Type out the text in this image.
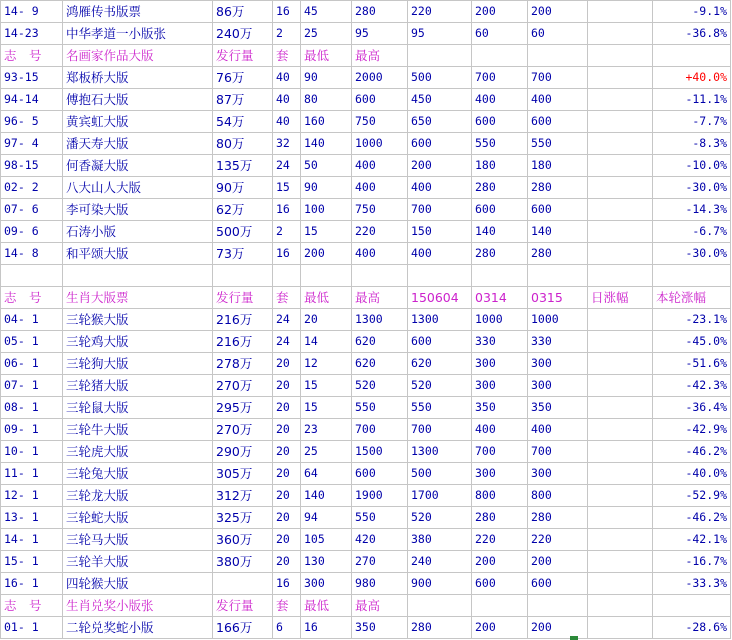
14- 9	鸿雁传书版票	86万	16	45	280	220	200	200		-9.1%
14-23	中华孝道一小版张	240万	2	25	95	95	60	60		-36.8%
志　号	名画家作品大版	发行量	套	最低	最高					
93-15	郑板桥大版	76万	40	90	2000	500	700	700		+40.0%
94-14	傅抱石大版	87万	40	80	600	450	400	400		-11.1%
96- 5	黄宾虹大版	54万	40	160	750	650	600	600		-7.7%
97- 4	潘天寿大版	80万	32	140	1000	600	550	550		-8.3%
98-15	何香凝大版	135万	24	50	400	200	180	180		-10.0%
02- 2	八大山人大版	90万	15	90	400	400	280	280		-30.0%
07- 6	李可染大版	62万	16	100	750	700	600	600		-14.3%
09- 6	石涛小版	500万	2	15	220	150	140	140		-6.7%
14- 8	和平颂大版	73万	16	200	400	400	280	280		-30.0%

志　号	生肖大版票	发行量	套	最低	最高	150604	0314	0315	日涨幅	本轮涨幅
04- 1	三轮猴大版	216万	24	20	1300	1300	1000	1000		-23.1%
05- 1	三轮鸡大版	216万	24	14	620	600	330	330		-45.0%
06- 1	三轮狗大版	278万	20	12	620	620	300	300		-51.6%
07- 1	三轮猪大版	270万	20	15	520	520	300	300		-42.3%
08- 1	三轮鼠大版	295万	20	15	550	550	350	350		-36.4%
09- 1	三轮牛大版	270万	20	23	700	700	400	400		-42.9%
10- 1	三轮虎大版	290万	20	25	1500	1300	700	700		-46.2%
11- 1	三轮兔大版	305万	20	64	600	500	300	300		-40.0%
12- 1	三轮龙大版	312万	20	140	1900	1700	800	800		-52.9%
13- 1	三轮蛇大版	325万	20	94	550	520	280	280		-46.2%
14- 1	三轮马大版	360万	20	105	420	380	220	220		-42.1%
15- 1	三轮羊大版	380万	20	130	270	240	200	200		-16.7%
16- 1	四轮猴大版		16	300	980	900	600	600		-33.3%
志　号	生肖兑奖小版张	发行量	套	最低	最高					
01- 1	二轮兑奖蛇小版	166万	6	16	350	280	200	200		-28.6%
